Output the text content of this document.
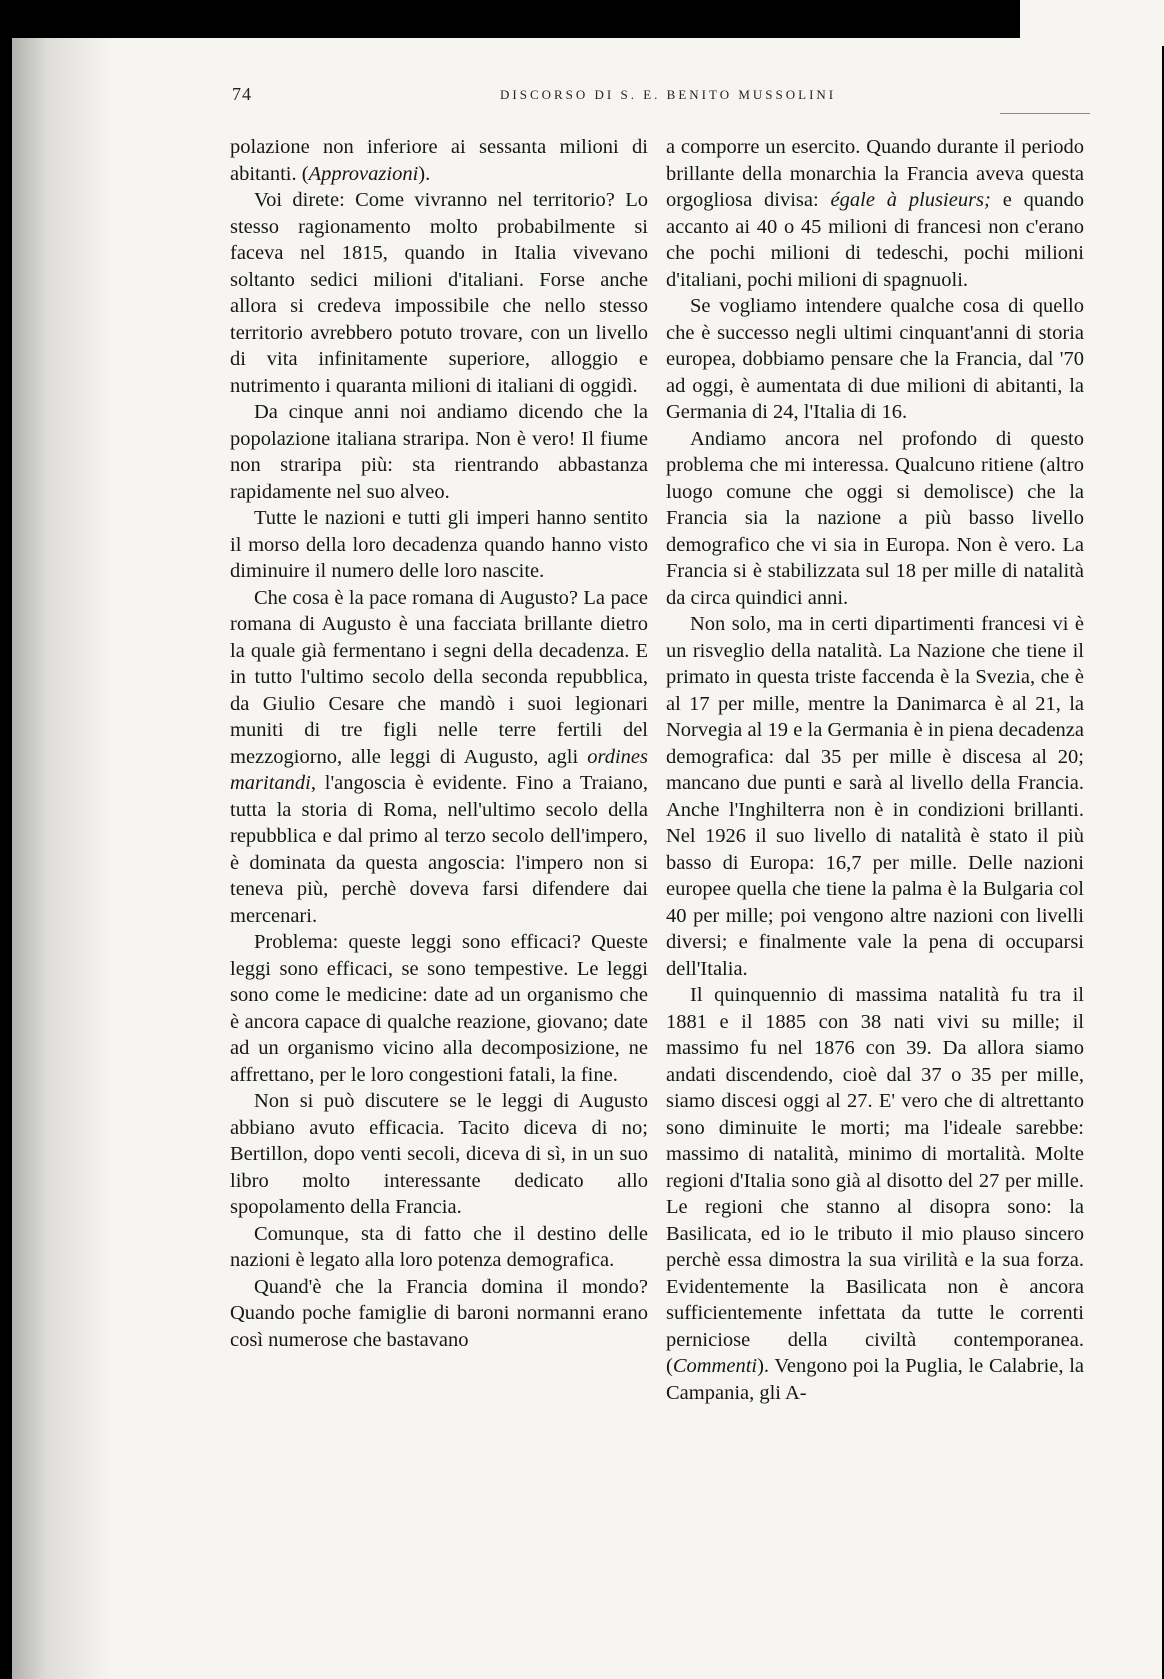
74	DISCORSO DI S. E. BENITO MUSSOLINI

polazione non inferiore ai sessanta milioni di abitanti. (Approvazioni).

Voi direte: Come vivranno nel territorio? Lo stesso ragionamento molto probabilmente si faceva nel 1815, quando in Italia vivevano soltanto sedici milioni d'italiani. Forse anche allora si credeva impossibile che nello stesso territorio avrebbero potuto trovare, con un livello di vita infinitamente superiore, alloggio e nutrimento i quaranta milioni di italiani di oggidì.

Da cinque anni noi andiamo dicendo che la popolazione italiana straripa. Non è vero! Il fiume non straripa più: sta rientrando abbastanza rapidamente nel suo alveo.

Tutte le nazioni e tutti gli imperi hanno sentito il morso della loro decadenza quando hanno visto diminuire il numero delle loro nascite.

Che cosa è la pace romana di Augusto? La pace romana di Augusto è una facciata brillante dietro la quale già fermentano i segni della decadenza. E in tutto l'ultimo secolo della seconda repubblica, da Giulio Cesare che mandò i suoi legionari muniti di tre figli nelle terre fertili del mezzogiorno, alle leggi di Augusto, agli ordines maritandi, l'angoscia è evidente. Fino a Traiano, tutta la storia di Roma, nell'ultimo secolo della repubblica e dal primo al terzo secolo dell'impero, è dominata da questa angoscia: l'impero non si teneva più, perchè doveva farsi difendere dai mercenari.

Problema: queste leggi sono efficaci? Queste leggi sono efficaci, se sono tempestive. Le leggi sono come le medicine: date ad un organismo che è ancora capace di qualche reazione, giovano; date ad un organismo vicino alla decomposizione, ne affrettano, per le loro congestioni fatali, la fine.

Non si può discutere se le leggi di Augusto abbiano avuto efficacia. Tacito diceva di no; Bertillon, dopo venti secoli, diceva di sì, in un suo libro molto interessante dedicato allo spopolamento della Francia.

Comunque, sta di fatto che il destino delle nazioni è legato alla loro potenza demografica.

Quand'è che la Francia domina il mondo? Quando poche famiglie di baroni normanni erano così numerose che bastavano

a comporre un esercito. Quando durante il periodo brillante della monarchia la Francia aveva questa orgogliosa divisa: égale à plusieurs; e quando accanto ai 40 o 45 milioni di francesi non c'erano che pochi milioni di tedeschi, pochi milioni d'italiani, pochi milioni di spagnuoli.

Se vogliamo intendere qualche cosa di quello che è successo negli ultimi cinquant'anni di storia europea, dobbiamo pensare che la Francia, dal '70 ad oggi, è aumentata di due milioni di abitanti, la Germania di 24, l'Italia di 16.

Andiamo ancora nel profondo di questo problema che mi interessa. Qualcuno ritiene (altro luogo comune che oggi si demolisce) che la Francia sia la nazione a più basso livello demografico che vi sia in Europa. Non è vero. La Francia si è stabilizzata sul 18 per mille di natalità da circa quindici anni.

Non solo, ma in certi dipartimenti francesi vi è un risveglio della natalità. La Nazione che tiene il primato in questa triste faccenda è la Svezia, che è al 17 per mille, mentre la Danimarca è al 21, la Norvegia al 19 e la Germania è in piena decadenza demografica: dal 35 per mille è discesa al 20; mancano due punti e sarà al livello della Francia. Anche l'Inghilterra non è in condizioni brillanti. Nel 1926 il suo livello di natalità è stato il più basso di Europa: 16,7 per mille. Delle nazioni europee quella che tiene la palma è la Bulgaria col 40 per mille; poi vengono altre nazioni con livelli diversi; e finalmente vale la pena di occuparsi dell'Italia.

Il quinquennio di massima natalità fu tra il 1881 e il 1885 con 38 nati vivi su mille; il massimo fu nel 1876 con 39. Da allora siamo andati discendendo, cioè dal 37 o 35 per mille, siamo discesi oggi al 27. E' vero che di altrettanto sono diminuite le morti; ma l'ideale sarebbe: massimo di natalità, minimo di mortalità. Molte regioni d'Italia sono già al disotto del 27 per mille. Le regioni che stanno al disopra sono: la Basilicata, ed io le tributo il mio plauso sincero perchè essa dimostra la sua virilità e la sua forza. Evidentemente la Basilicata non è ancora sufficientemente infettata da tutte le correnti perniciose della civiltà contemporanea. (Commenti). Vengono poi la Puglia, le Calabrie, la Campania, gli A-
